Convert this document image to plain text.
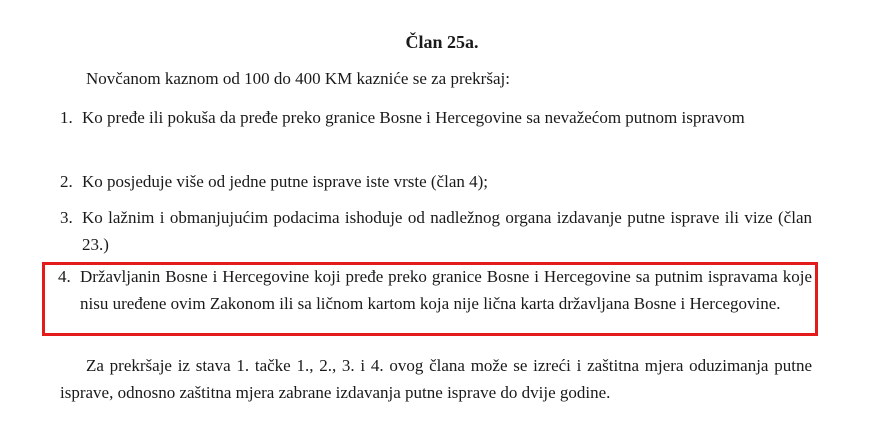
Član 25a.
Novčanom kaznom od 100 do 400 KM kazniće se za prekršaj:
1. Ko pređe ili pokuša da pređe preko granice Bosne i Hercegovine sa nevažećom putnom ispravom
2. Ko posjeduje više od jedne putne isprave iste vrste (član 4);
3. Ko lažnim i obmanjujućim podacima ishoduje od nadležnog organa izdavanje putne isprave ili vize (član 23.)
4. Državljanin Bosne i Hercegovine koji pređe preko granice Bosne i Hercegovine sa putnim ispravama koje nisu uređene ovim Zakonom ili sa ličnom kartom koja nije lična karta državljana Bosne i Hercegovine.
Za prekršaje iz stava 1. tačke 1., 2., 3. i 4. ovog člana može se izreći i zaštitna mjera oduzimanja putne isprave, odnosno zaštitna mjera zabrane izdavanja putne isprave do dvije godine.
